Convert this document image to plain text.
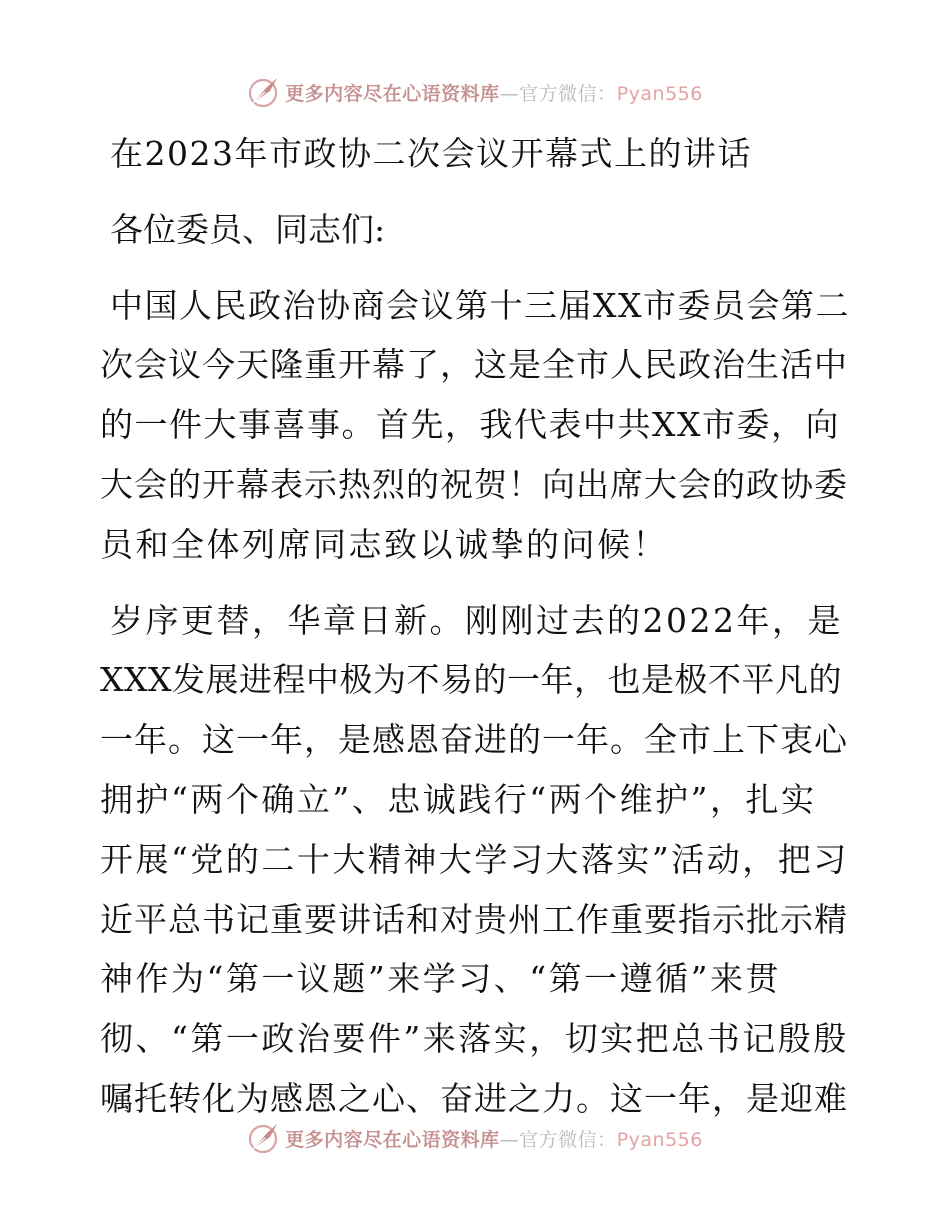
更多内容尽在心语资料库—官方微信：Pyan556
在2023年市政协二次会议开幕式上的讲话
各位委员、同志们:
中国人民政治协商会议第十三届XX市委员会第二
次会议今天隆重开幕了，这是全市人民政治生活中
的一件大事喜事。首先，我代表中共XX市委，向
大会的开幕表示热烈的祝贺！向出席大会的政协委
员和全体列席同志致以诚挚的问候！
岁序更替，华章日新。刚刚过去的2022年，是
XXX发展进程中极为不易的一年，也是极不平凡的
一年。这一年，是感恩奋进的一年。全市上下衷心
拥护“两个确立”、忠诚践行“两个维护”，扎实
开展“党的二十大精神大学习大落实”活动，把习
近平总书记重要讲话和对贵州工作重要指示批示精
神作为“第一议题”来学习、“第一遵循”来贯
彻、“第一政治要件”来落实，切实把总书记殷殷
嘱托转化为感恩之心、奋进之力。这一年，是迎难
更多内容尽在心语资料库—官方微信：Pyan556
